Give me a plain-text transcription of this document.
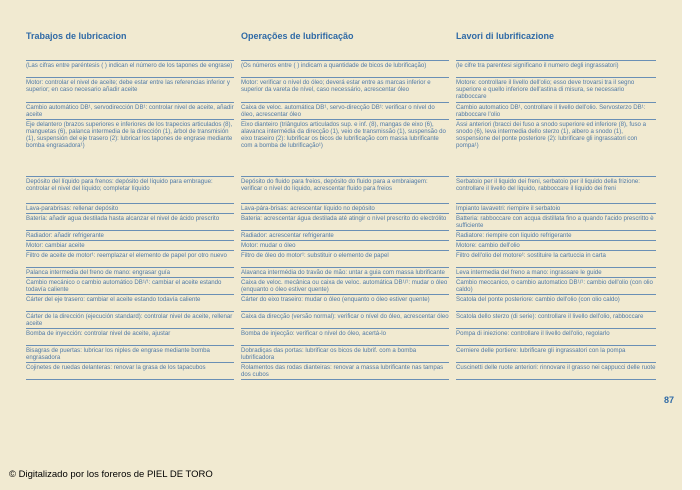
Trabajos de lubricacion
(Las cifras entre paréntesis ( ) indican el número de los tapones de engrase)
Motor: controlar el nivel de aceite; debe estar entre las referencias inferior y superior; en caso necesario añadir aceite
Cambio automático DB¹, servodirección DB¹: controlar nivel de aceite, añadir aceite
Eje delantero (brazos superiores e inferiores de los trapecios articulados (8), manguetas (6), palanca intermedia de la dirección (1), árbol de transmisión (1), suspensión del eje trasero (2): lubricar los tapones de engrase mediante bomba engrasadora¹)
Depósito del líquido para frenos: depósito del líquido para embrague: controlar el nivel del líquido; completar líquido
Lava-parabrisas: rellenar depósito
Batería: añadir agua destilada hasta alcanzar el nivel de ácido prescrito
Radiador: añadir refrigerante
Motor: cambiar aceite
Filtro de aceite de motor¹: reemplazar el elemento de papel por otro nuevo
Palanca intermedia del freno de mano: engrasar guía
Cambio mecánico o cambio automático DB¹/¹: cambiar el aceite estando todavía caliente
Cárter del eje trasero: cambiar el aceite estando todavía caliente
Cárter de la dirección (ejecución standard): controlar nivel de aceite, rellenar aceite
Bomba de inyección: controlar nivel de aceite, ajustar
Bisagras de puertas: lubricar los niples de engrase mediante bomba engrasadora
Cojinetes de ruedas delanteras: renovar la grasa de los tapacubos
Operações de lubrificação
(Os números entre ( ) indicam a quantidade de bicos de lubrificação)
Motor: verificar o nível do óleo; deverá estar entre as marcas inferior e superior da vareta de nível, caso necessário, acrescentar óleo
Caixa de veloc. automática DB¹, servo-direcção DB¹: verificar o nível do óleo, acrescentar óleo
Eixo dianteiro (triângulos articulados sup. e inf. (8), mangas de eixo (6), alavanca intermédia da direcção (1), veio de transmissão (1), suspensão do eixo traseiro (2): lubrificar os bicos de lubrificação com massa lubrificante com a bomba de lubrificação¹)
Depósito do fluido para freios, depósito do fluido para a embraiagem: verificar o nível do líquido, acrescentar fluido para freios
Lava-pára-brisas: acrescentar líquido no depósito
Bateria: acrescentar água destilada até atingir o nível prescrito do electrólito
Radiador: acrescentar refrigerante
Motor: mudar o óleo
Filtro de óleo do motor¹: substituir o elemento de papel
Alavanca intermédia do travão de mão: untar a guia com massa lubrificante
Caixa de veloc. mecânica ou caixa de veloc. automática DB¹/¹: mudar o óleo (enquanto o óleo estiver quente)
Cárter do eixo traseiro: mudar o óleo (enquanto o óleo estiver quente)
Caixa da direcção (versão normal): verificar o nível do óleo, acrescentar óleo
Bomba de injecção: verificar o nível do óleo, acertá-lo
Dobradiças das portas: lubrificar os bicos de lubrif. com a bomba lubrificadora
Rolamentos das rodas dianteiras: renovar a massa lubrificante nas tampas dos cubos
Lavori di lubrificazione
(le cifre tra parentesi significano il numero degli ingrassatori)
Motore: controllare il livello dell'olio; esso deve trovarsi tra il segno superiore e quello inferiore dell'astina di misura, se necessario rabboccare
Cambio automatico DB¹, controllare il livello dell'olio. Servosterzo DB¹: rabboccare l'olio
Assi anteriori (bracci dei fuso a snodo superiore ed inferiore (8), fuso a snodo (6), leva intermedia dello sterzo (1), albero a snodo (1), sospensione del ponte posteriore (2): lubrificare gli ingrassatori con pompa¹)
Serbatoio per il liquido dei freni, serbatoio per il liquido della frizione: controllare il livello del liquido, rabboccare il liquido dei freni
Impianto lavavetri: riempire il serbatoio
Batteria: rabboccare con acqua distillata fino a quando l'acido prescritto è sufficiente
Radiatore: riempire con liquido refrigerante
Motore: cambio dell'olio
Filtro dell'olio del motore¹: sostituire la cartuccia in carta
Leva intermedia del freno a mano: ingrassare le guide
Cambio meccanico, o cambio automatico DB¹/¹: cambio dell'olio (con olio caldo)
Scatola del ponte posteriore: cambio dell'olio (con olio caldo)
Scatola dello sterzo (di serie): controllare il livello dell'olio, rabboccare
Pompa di iniezione: controllare il livello dell'olio, regolarlo
Cerniere delle portiere: lubrificare gli ingrassatori con la pompa
Cuscinetti delle ruote anteriori: rinnovare il grasso nei cappucci delle ruote
87
© Digitalizado por los foreros de PIEL DE TORO
